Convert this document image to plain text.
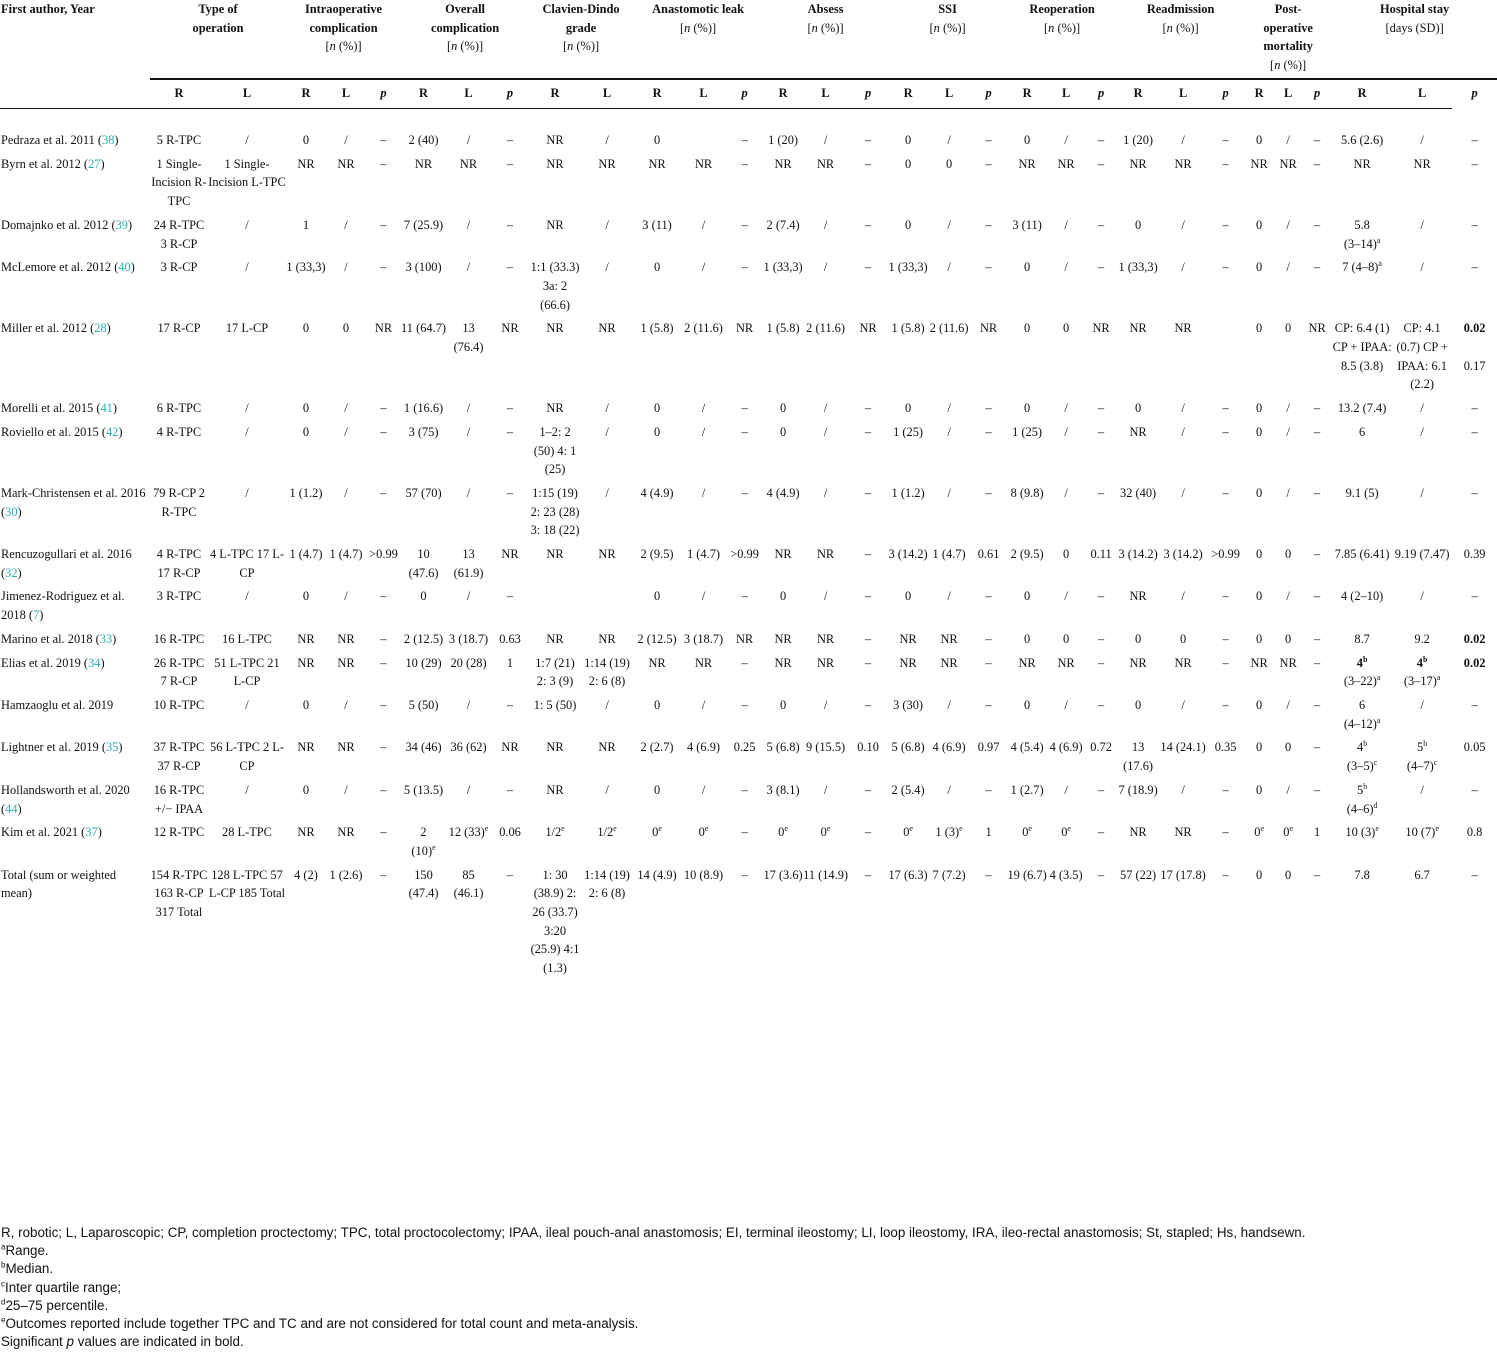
First author, Year	Type of
operation		Intraoperative
complication
[n (%)]			Overall
complication
[n (%)]			Clavien-Dindo
grade
[n (%)]		Anastomotic leak
[n (%)]			Absess
[n (%)]			SSI
[n (%)]			Reoperation
[n (%)]			Readmission
[n (%)]			Post-
operative
mortality
[n (%)]			Hospital stay
[days (SD)]		
	R	L	R	L	p	R	L	p	R	L	R	L	p	R	L	p	R	L	p	R	L	p	R	L	p	R	L	p	R	L	p

Pedraza et al. 2011 (38)	5 R-TPC	/	0	/	–	2 (40)	/	–	NR	/	0		–	1 (20)	/	–	0	/	–	0	/	–	1 (20)	/	–	0	/	–	5.6 (2.6)	/	–
Byrn et al. 2012 (27)	1 Single-Incision R-TPC	1 Single-Incision L-TPC	NR	NR	–	NR	NR	–	NR	NR	NR	NR	–	NR	NR	–	0	0	–	NR	NR	–	NR	NR	–	NR	NR	–	NR	NR	–
Domajnko et al. 2012 (39)	24 R-TPC 3 R-CP	/	1	/	–	7 (25.9)	/	–	NR	/	3 (11)	/	–	2 (7.4)	/	–	0	/	–	3 (11)	/	–	0	/	–	0	/	–	5.8
$(3-14)^a$	/	–
McLemore et al. 2012 (40)	3 R-CP	/	1 (33,3)	/	–	3 (100)	/	–	1:1 (33.3) 3a: 2 (66.6)	/	0	/	–	1 (33,3)	/	–	1 (33,3)	/	–	0	/	–	1 (33,3)	/	–	0	/	–	7 $(4-8)^a$	/	–
Miller et al. 2012 (28)	17 R-CP	17 L-CP	0	0	NR	11 (64.7)	13 (76.4)	NR	NR	NR	1 (5.8)	2 (11.6)	NR	1 (5.8)	2 (11.6)	NR	1 (5.8)	2 (11.6)	NR	0	0	NR	NR	NR		0	0	NR	CP: 6.4 (1) CP + IPAA: 8.5 (3.8)	CP: 4.1 (0.7) CP + IPAA: 6.1 (2.2)	0.02

0.17
Morelli et al. 2015 (41)	6 R-TPC	/	0	/	–	1 (16.6)	/	–	NR	/	0	/	–	0	/	–	0	/	–	0	/	–	0	/	–	0	/	–	13.2 (7.4)	/	–
Roviello et al. 2015 (42)	4 R-TPC	/	0	/	–	3 (75)	/	–	1–2: 2 (50) 4: 1 (25)	/	0	/	–	0	/	–	1 (25)	/	–	1 (25)	/	–	NR	/	–	0	/	–	6	/	–
Mark-Christensen et al. 2016 (30)	79 R-CP 2 R-TPC	/	1 (1.2)	/	–	57 (70)	/	–	1:15 (19) 2: 23 (28) 3: 18 (22)	/	4 (4.9)	/	–	4 (4.9)	/	–	1 (1.2)	/	–	8 (9.8)	/	–	32 (40)	/	–	0	/	–	9.1 (5)	/	–
Rencuzogullari et al. 2016 (32)	4 R-TPC 17 R-CP	4 L-TPC 17 L-CP	1 (4.7)	1 (4.7)	>0.99	10 (47.6)	13 (61.9)	NR	NR	NR	2 (9.5)	1 (4.7)	>0.99	NR	NR	–	3 (14.2)	1 (4.7)	0.61	2 (9.5)	0	0.11	3 (14.2)	3 (14.2)	>0.99	0	0	–	7.85 (6.41)	9.19 (7.47)	0.39
Jimenez-Rodriguez et al. 2018 (7)	3 R-TPC	/	0	/	–	0	/	–			0	/	–	0	/	–	0	/	–	0	/	–	NR	/	–	0	/	–	4 (2–10)	/	–
Marino et al. 2018 (33)	16 R-TPC	16 L-TPC	NR	NR	–	2 (12.5)	3 (18.7)	0.63	NR	NR	2 (12.5)	3 (18.7)	NR	NR	NR	–	NR	NR	–	0	0	–	0	0	–	0	0	–	8.7	9.2	0.02
Elias et al. 2019 (34)	26 R-TPC 7 R-CP	51 L-TPC 21 L-CP	NR	NR	–	10 (29)	20 (28)	1	1:7 (21) 2: 3 (9)	1:14 (19) 2: 6 (8)	NR	NR	–	NR	NR	–	NR	NR	–	NR	NR	–	NR	NR	–	NR	NR	–	4$^b$
$(3-22)^a$	4$^b$
$(3-17)^a$	0.02
Hamzaoglu et al. 2019	10 R-TPC	/	0	/	–	5 (50)	/	–	1: 5 (50)	/	0	/	–	0	/	–	3 (30)	/	–	0	/	–	0	/	–	0	/	–	6
$(4-12)^a$	/	–
Lightner et al. 2019 (35)	37 R-TPC 37 R-CP	56 L-TPC 2 L-CP	NR	NR	–	34 (46)	36 (62)	NR	NR	NR	2 (2.7)	4 (6.9)	0.25	5 (6.8)	9 (15.5)	0.10	5 (6.8)	4 (6.9)	0.97	4 (5.4)	4 (6.9)	0.72	13 (17.6)	14 (24.1)	0.35	0	0	–	4$^b$
$(3-5)^c$	5$^b$
$(4-7)^c$	0.05
Hollandsworth et al. 2020 (44)	16 R-TPC +/− IPAA	/	0	/	–	5 (13.5)	/	–	NR	/	0	/	–	3 (8.1)	/	–	2 (5.4)	/	–	1 (2.7)	/	–	7 (18.9)	/	–	0	/	–	5$^b$
$(4-6)^d$	/	–
Kim et al. 2021 (37)	12 R-TPC	28 L-TPC	NR	NR	–	2
$(10)^e$	12 $(33)^e$	0.06	1/2e	1/2e	0e	0e	–	0e	0e	–	0e	1 $(3)^e$	1	0e	0e	–	NR	NR	–	0e	0e	1	10 $(3)^e$	10 $(7)^e$	0.8
Total (sum or weighted mean)	154 R-TPC 163 R-CP 317 Total	128 L-TPC 57 L-CP 185 Total	4 (2)	1 (2.6)	–	150 (47.4)	85 (46.1)	–	1: 30 (38.9) 2: 26 (33.7) 3:20 (25.9) 4:1 (1.3)	1:14 (19) 2: 6 (8)	14 (4.9)	10 (8.9)	–	17 (3.6)	11 (14.9)	–	17 (6.3)	7 (7.2)	–	19 (6.7)	4 (3.5)	–	57 (22)	17 (17.8)	–	0	0	–	7.8	6.7	–
R, robotic; L, Laparoscopic; CP, completion proctectomy; TPC, total proctocolectomy; IPAA, ileal pouch-anal anastomosis; EI, terminal ileostomy; LI, loop ileostomy, IRA, ileo-rectal anastomosis; St, stapled; Hs, handsewn.
$^a$Range.
$^b$Median.
$^c$Inter quartile range;
$^d$25–75 percentile.
$^e$Outcomes reported include together TPC and TC and are not considered for total count and meta-analysis.
Significant p values are indicated in bold.
